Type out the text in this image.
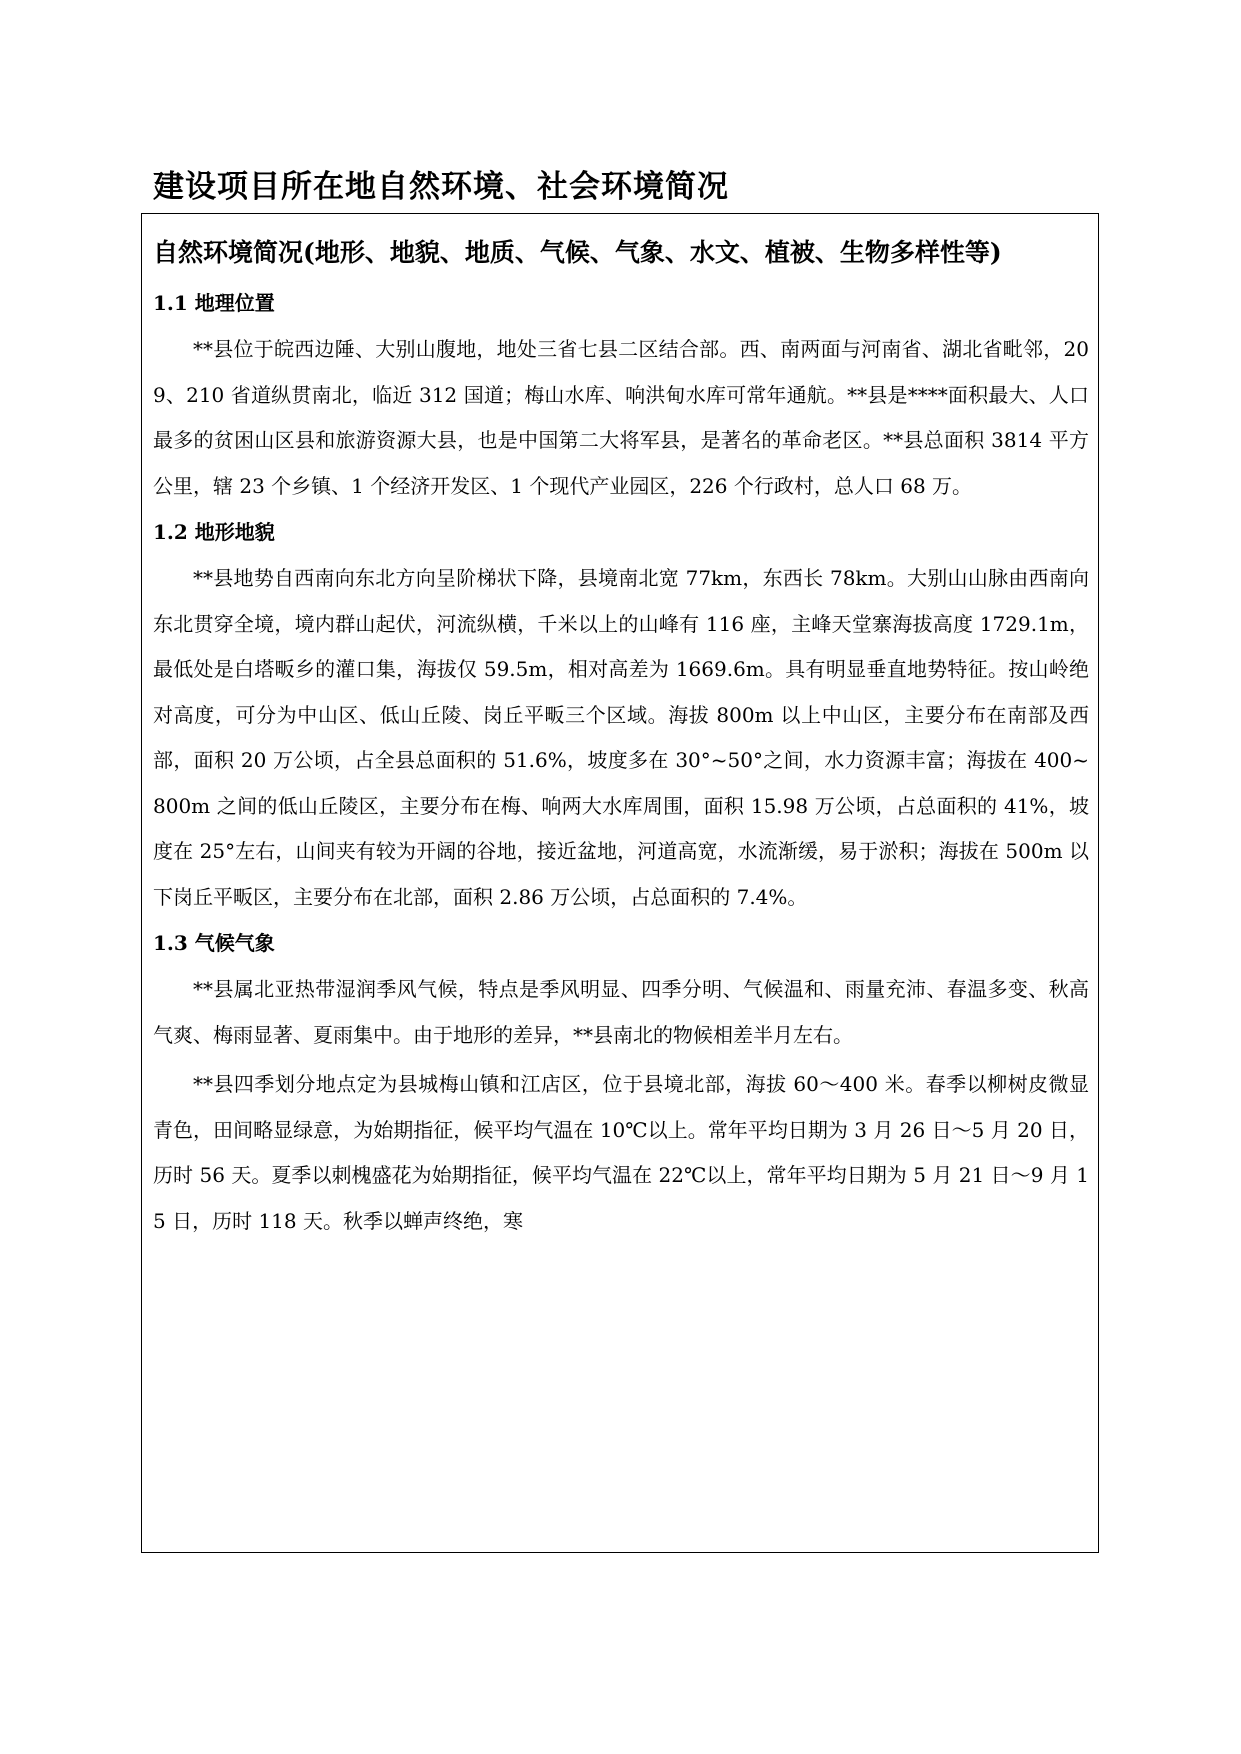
建设项目所在地自然环境、社会环境简况
自然环境简况(地形、地貌、地质、气候、气象、水文、植被、生物多样性等)
1.1 地理位置

**县位于皖西边陲、大别山腹地，地处三省七县二区结合部。西、南两面与河南省、湖北省毗邻，209、210 省道纵贯南北，临近 312 国道；梅山水库、响洪甸水库可常年通航。**县是****面积最大、人口最多的贫困山区县和旅游资源大县，也是中国第二大将军县，是著名的革命老区。**县总面积 3814 平方公里，辖 23 个乡镇、1 个经济开发区、1 个现代产业园区，226 个行政村，总人口 68 万。

1.2 地形地貌

**县地势自西南向东北方向呈阶梯状下降，县境南北宽 77km，东西长 78km。大别山山脉由西南向东北贯穿全境，境内群山起伏，河流纵横，千米以上的山峰有 116 座，主峰天堂寨海拔高度 1729.1m，最低处是白塔畈乡的灌口集，海拔仅 59.5m，相对高差为 1669.6m。具有明显垂直地势特征。按山岭绝对高度，可分为中山区、低山丘陵、岗丘平畈三个区域。海拔 800m 以上中山区，主要分布在南部及西部，面积 20 万公顷，占全县总面积的 51.6%，坡度多在 30°~50°之间，水力资源丰富；海拔在 400~800m 之间的低山丘陵区，主要分布在梅、响两大水库周围，面积 15.98 万公顷，占总面积的 41%，坡度在 25°左右，山间夹有较为开阔的谷地，接近盆地，河道高宽，水流渐缓，易于淤积；海拔在 500m 以下岗丘平畈区，主要分布在北部，面积 2.86 万公顷，占总面积的 7.4%。

1.3 气候气象

**县属北亚热带湿润季风气候，特点是季风明显、四季分明、气候温和、雨量充沛、春温多变、秋高气爽、梅雨显著、夏雨集中。由于地形的差异，**县南北的物候相差半月左右。

**县四季划分地点定为县城梅山镇和江店区，位于县境北部，海拔 60～400 米。春季以柳树皮微显青色，田间略显绿意，为始期指征，候平均气温在 10℃以上。常年平均日期为 3 月 26 日～5 月 20 日，历时 56 天。夏季以刺槐盛花为始期指征，候平均气温在 22℃以上，常年平均日期为 5 月 21 日～9 月 15 日，历时 118 天。秋季以蝉声终绝，寒
